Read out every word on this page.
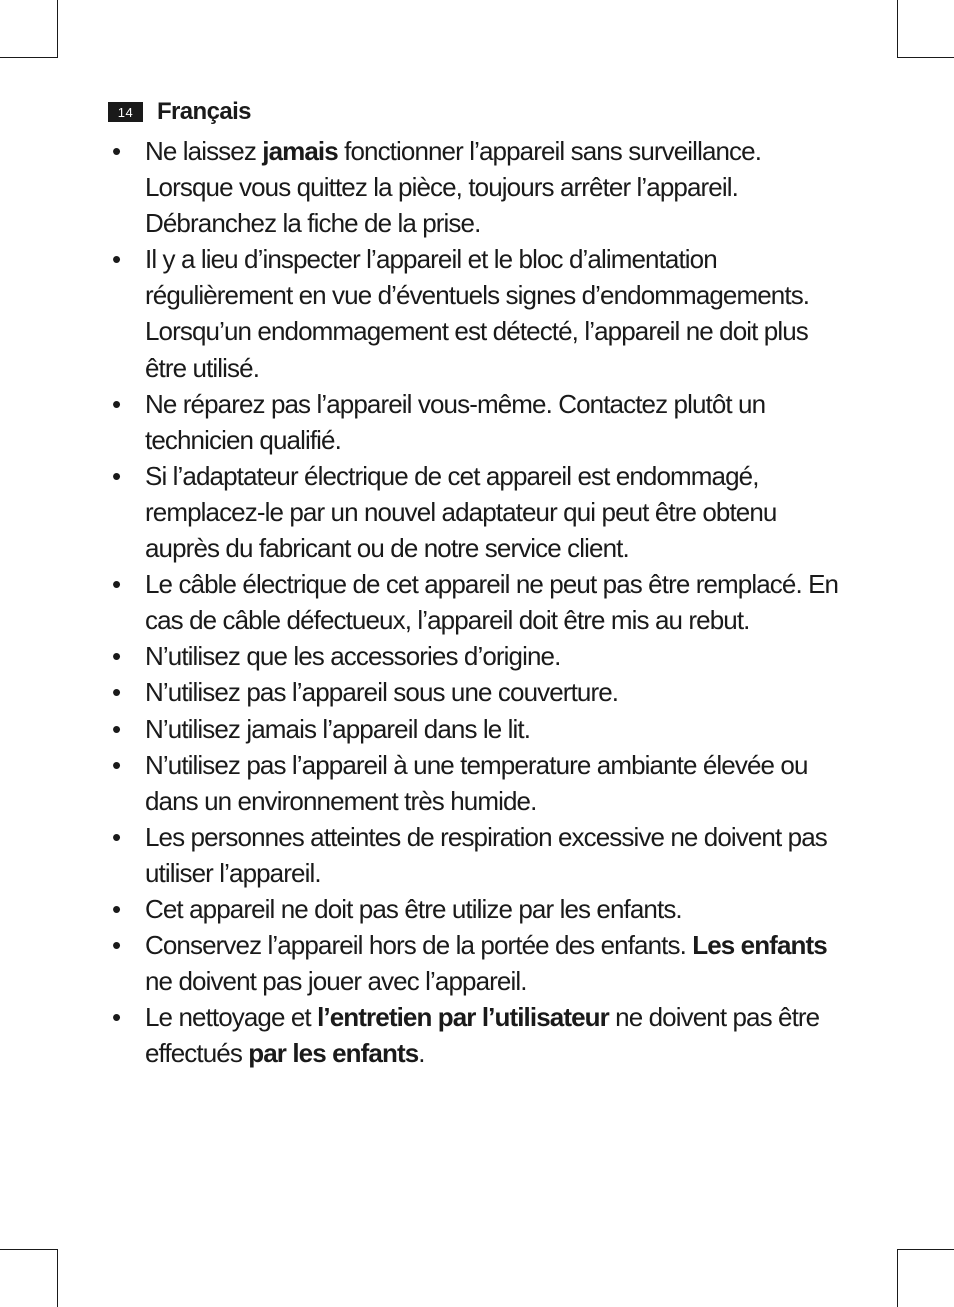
14 Français
• Ne laissez jamais fonctionner l’appareil sans surveillance. Lorsque vous quittez la pièce, toujours arrêter l’appareil. Débranchez la fiche de la prise.
• Il y a lieu d’inspecter l’appareil et le bloc d’alimentation régulièrement en vue d’éventuels signes d’endommagements. Lorsqu’un endommagement est détecté, l’appareil ne doit plus être utilisé.
• Ne réparez pas l’appareil vous-même. Contactez plutôt un technicien qualifié.
• Si l’adaptateur électrique de cet appareil est endommagé, remplacez-le par un nouvel adaptateur qui peut être obtenu auprès du fabricant ou de notre service client.
• Le câble électrique de cet appareil ne peut pas être remplacé. En cas de câble défectueux, l’appareil doit être mis au rebut.
• N’utilisez que les accessories d’origine.
• N’utilisez pas l’appareil sous une couverture.
• N’utilisez jamais l’appareil dans le lit.
• N’utilisez pas l’appareil à une temperature ambiante élevée ou dans un environnement très humide.
• Les personnes atteintes de respiration excessive ne doivent pas utiliser l’appareil.
• Cet appareil ne doit pas être utilize par les enfants.
• Conservez l’appareil hors de la portée des enfants. Les enfants ne doivent pas jouer avec l’appareil.
• Le nettoyage et l’entretien par l’utilisateur ne doivent pas être effectués par les enfants.
